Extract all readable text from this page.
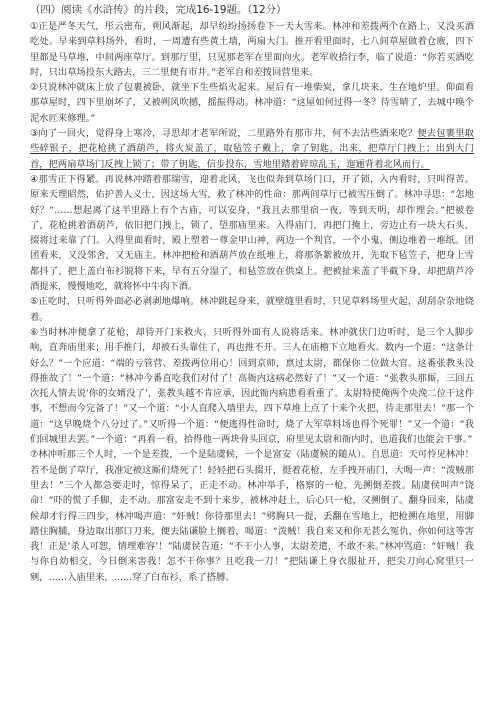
（四）阅读《水浒传》的片段，完成16-19题。（12分）

①正是严冬天气，彤云密布，朔风渐起，却早纷纷扬扬卷下一天大雪来。林冲和差拨两个在路上，又没买酒吃处。早来到草料场外，看时，一周遭有些黄土墙，两扇大门。推开看里面时，七八间草屋做着仓廒，四下里都是马草堆，中间两座草厅。到那厅里，只见那老军在里面向火。老军收拾行李，临了说道：“你若买酒吃时，只出草场投东大路去，三二里便有市井。”老军自和差拨回营里来。

②只说林冲就床上放了包裹被卧，就坐下生些焰火起来。屋后有一堆柴炭，拿几块来，生在地炉里。仰面看那草屋时，四下里崩坏了，又被朔风吹撼，摇振得动。林冲道：“这屋如何过得一冬？待雪晴了，去城中唤个泥水匠来修理。”

③向了一回火，觉得身上寒冷，寻思却才老军所说，二里路外有那市井，何不去沽些酒来吃？便去包裹里取些碎银子，把花枪挑了酒葫芦，将火炭盖了，取毡笠子戴上，拿了钥匙，出来，把草厅门拽上；出到大门首，把两扇草场门反拽上锁了；带了钥匙，信步投东，雪地里踏着碎琼乱玉，迤逦背着北风而行。

④那雪正下得紧。再说林冲踏着那瑞雪，迎着北风，飞也似奔到草场门口，开了锁，入内看时，只叫得苦。原来天理昭然，佑护善人义士，因这场大雪，救了林冲的性命：那两间草厅已被雪压倒了。林冲寻思：“怎地好？”……想起离了这半里路上有个古庙，可以安身，“我且去那里宿一夜，等到天明，却作理会。”把被卷了，花枪挑着酒葫芦，依旧把门拽上，锁了，望那庙里来。入得庙门，再把门掩上，旁边止有一块大石头，掇将过来靠了门。入得里面看时，殿上塑着一尊金甲山神，两边一个判官，一个小鬼，侧边堆着一堆纸。团团看来，又没邻舍，又无庙主。林冲把枪和酒葫芦放在纸堆上，将那条絮被放开，先取下毡笠子，把身上雪都抖了，把上盖白布衫脱将下来，早有五分湿了，和毡笠放在供桌上。把被扯来盖了半截下身，却把葫芦冷酒提来，慢慢地吃，就将怀中牛肉下酒。

⑤正吃时，只听得外面必必剥剥地爆响。林冲跳起身来，就壁缝里看时，只见草料场里火起，刮刮杂杂地烧着。

⑥当时林冲便拿了花枪，却待开门来救火，只听得外面有人说将话来。林冲就伏门边听时，是三个人脚步响，直奔庙里来；用手推门，却被石头靠住了，再也推不开。三人在庙檐下立地看火。数内一个道：“这条计好么？”一个应道：“端的亏管营、差拨两位用心！回到京师，禀过太尉，都保你二位做大官。这番张教头没得推故了！”一个道：“林冲今番直吃我们对付了！高衙内这病必然好了！”又一个道：“张教头那厮，三回五次托人情去说‘你的女婿没了’，张教头越不肯应承，因此衙内病患看看重了。太尉特使俺两个央浼二位干这件事，不想而今完备了！”又一个道：“小人直爬入墙里去，四下草堆上点了十来个火把，待走那里去！”那一个道：“这早晚烧个八分过了。”又听得一个道：“便逃得性命时，烧了大军草料场也得个死罪！”又一个道：“我们回城里去罢。”一个道：“再看一看，拾得他一两块骨头回京，府里见太尉和衙内时，也道我们也能会干事。”

⑦林冲听那三个人时，一个是差拨，一个是陆虞候，一个是富安（陆虞候的随从）。自思道：天可怜见林冲！若不是倒了草厅，我准定被这厮们烧死了！轻轻把石头掇开，挺着花枪，左手拽开庙门，大喝一声：“泼贼那里去！”三个人都急要走时，惊得呆了，正走不动。林冲举手，格察的一枪，先搠倒差拨。陆虞侯叫声“饶命！”吓的慌了手脚，走不动。那富安走不到十来步，被林冲赶上，后心只一枪，又搠倒了。翻身回来，陆虞候却才行得三四步，林冲喝声道：“奸贼！你待那里去！”劈胸只一提，丢翻在雪地上，把枪搠在地里，用脚踏住胸脯，身边取出那口刀来，便去陆谦脸上搁着，喝道：“泼贼！我自来又和你无甚么冤仇，你如何这等害我！正是‘杀人可恕，情理难容’！”陆虞侯告道：“不干小人事，太尉差遣，不敢不来。”林冲骂道：“奸贼！我与你自幼相交，今日倒来害我！怎不干你事？且吃我一刀！”把陆谦上身衣服扯开，把尖刀向心窝里只一剜，……入庙里来，……穿了白布衫，系了搭膊。
